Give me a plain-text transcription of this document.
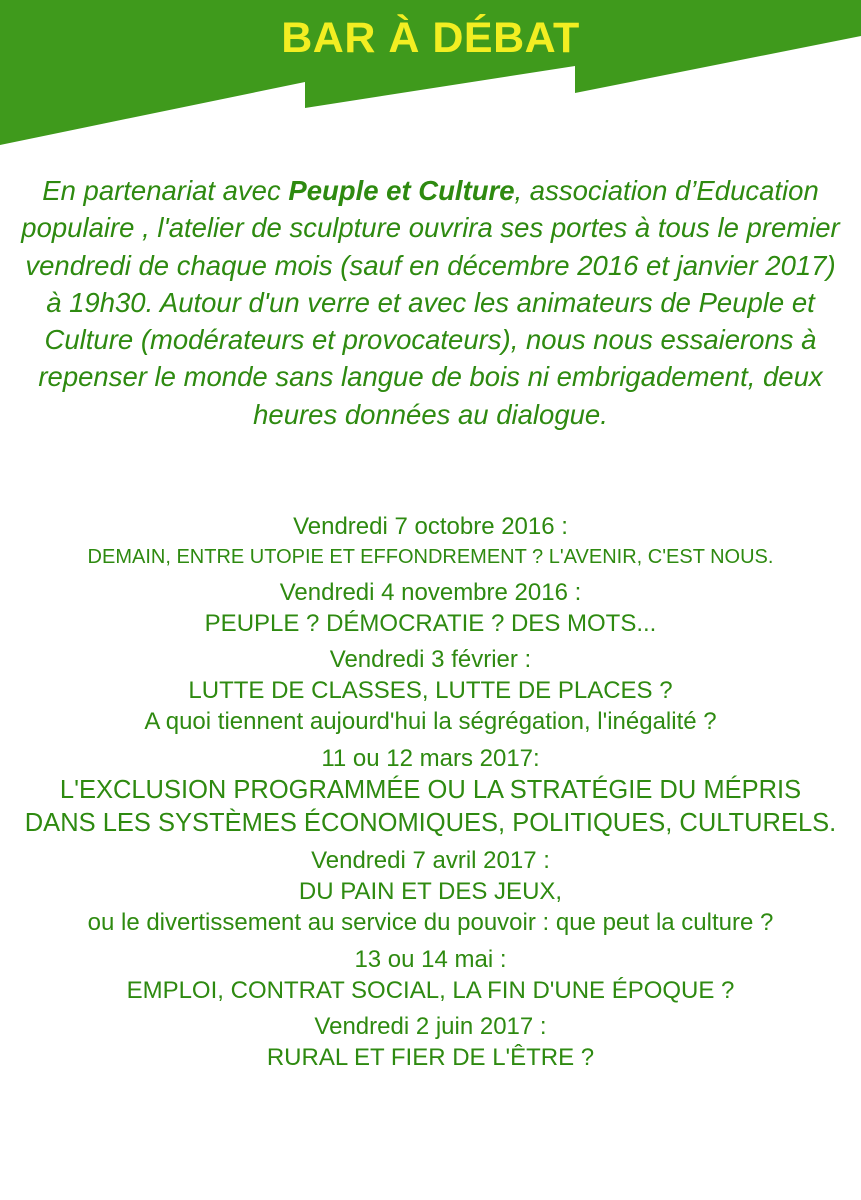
BAR À DÉBAT
En partenariat avec Peuple et Culture, association d’Education populaire , l'atelier de sculpture ouvrira ses portes à tous le premier vendredi de chaque mois (sauf en décembre 2016 et janvier 2017) à 19h30. Autour d'un verre et avec les animateurs de Peuple et Culture (modérateurs et provocateurs), nous nous essaierons à repenser le monde sans langue de bois ni embrigadement, deux heures données au dialogue.
Vendredi 7 octobre 2016 :
DEMAIN, ENTRE UTOPIE ET EFFONDREMENT ? L'AVENIR, C'EST NOUS.
Vendredi 4 novembre 2016 :
PEUPLE ? DÉMOCRATIE ? DES MOTS...
Vendredi 3 février :
LUTTE DE CLASSES, LUTTE DE PLACES ?
A quoi tiennent aujourd'hui la ségrégation, l'inégalité ?
11 ou 12 mars 2017:
L'EXCLUSION PROGRAMMÉE OU LA STRATÉGIE DU MÉPRIS
DANS LES SYSTÈMES ÉCONOMIQUES, POLITIQUES, CULTURELS.
Vendredi 7 avril 2017 :
DU PAIN ET DES JEUX,
ou le divertissement au service du pouvoir : que peut la culture ?
13 ou 14 mai :
EMPLOI, CONTRAT SOCIAL, LA FIN D'UNE ÉPOQUE ?
Vendredi 2 juin 2017 :
RURAL ET FIER DE L'ÊTRE ?
